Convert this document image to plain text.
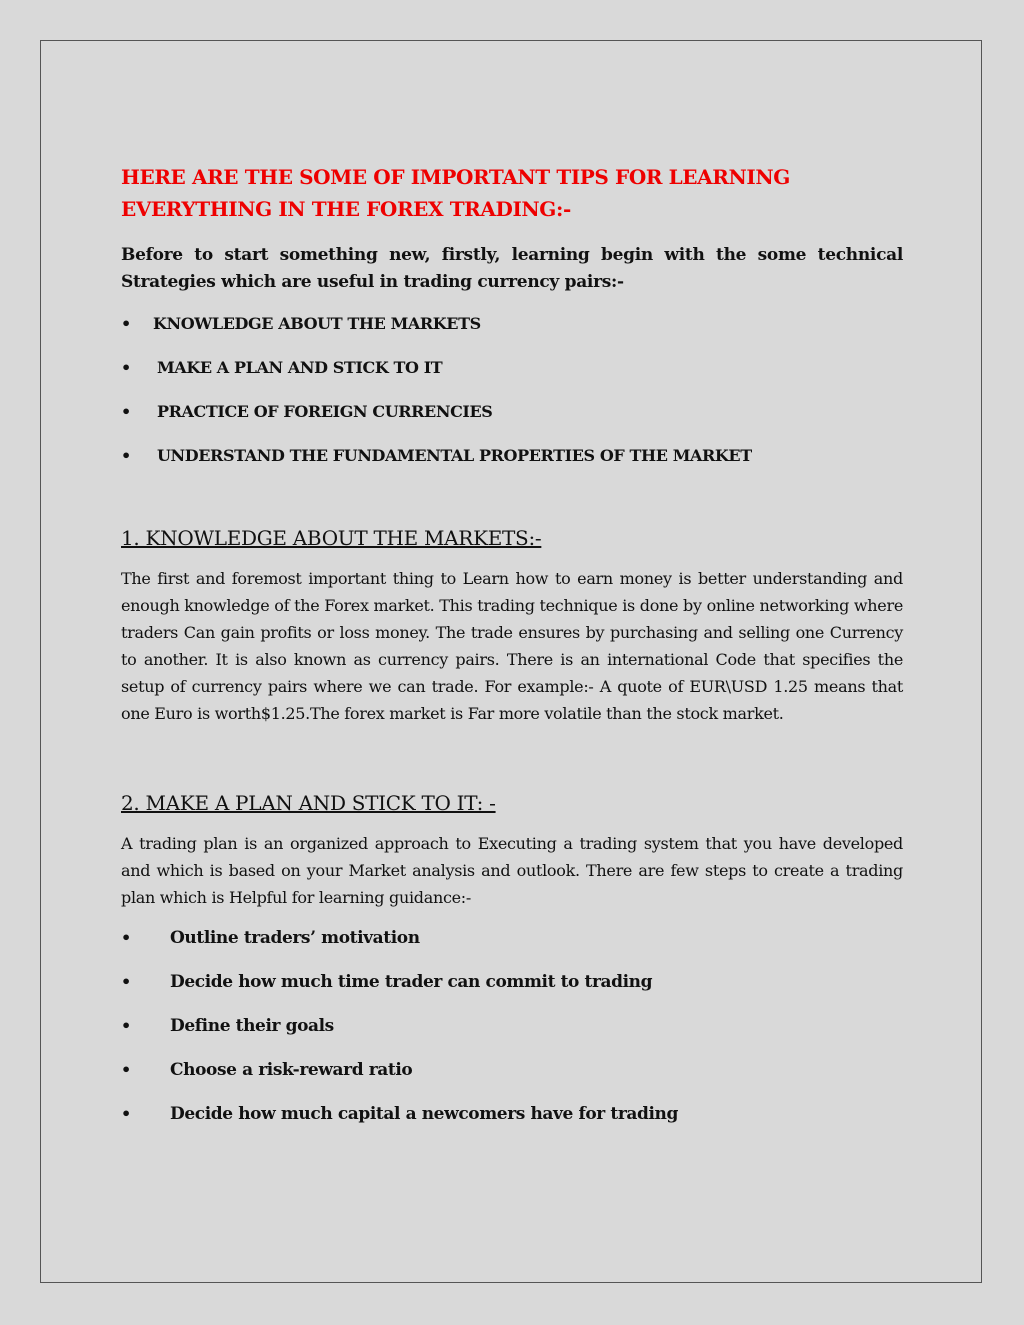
HERE ARE THE SOME OF IMPORTANT TIPS FOR LEARNING EVERYTHING IN THE FOREX TRADING:-

Before to start something new, firstly, learning begin with the some technical Strategies which are useful in trading currency pairs:-

• KNOWLEDGE ABOUT THE MARKETS
• MAKE A PLAN AND STICK TO IT
• PRACTICE OF FOREIGN CURRENCIES
• UNDERSTAND THE FUNDAMENTAL PROPERTIES OF THE MARKET
1. KNOWLEDGE ABOUT THE MARKETS:-

The first and foremost important thing to Learn how to earn money is better understanding and enough knowledge of the Forex market. This trading technique is done by online networking where traders Can gain profits or loss money. The trade ensures by purchasing and selling one Currency to another. It is also known as currency pairs. There is an international Code that specifies the setup of currency pairs where we can trade. For example:- A quote of EUR\USD 1.25 means that one Euro is worth$1.25.The forex market is Far more volatile than the stock market.

2. MAKE A PLAN AND STICK TO IT: -

A trading plan is an organized approach to Executing a trading system that you have developed and which is based on your Market analysis and outlook. There are few steps to create a trading plan which is Helpful for learning guidance:-

• Outline traders’ motivation
• Decide how much time trader can commit to trading
• Define their goals
• Choose a risk-reward ratio
• Decide how much capital a newcomers have for trading
